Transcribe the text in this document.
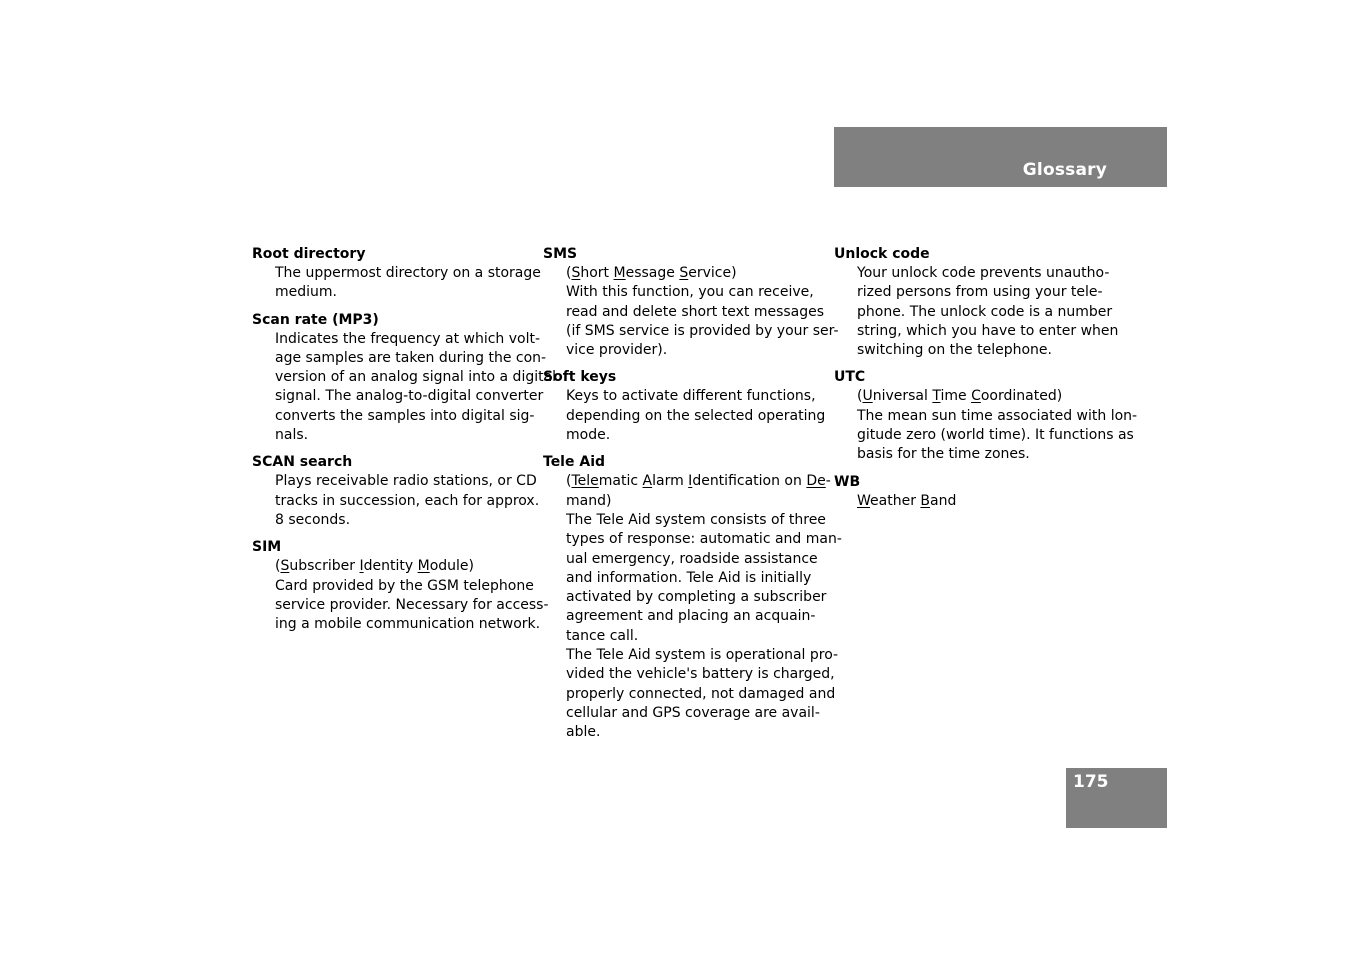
Glossary
Root directory
The uppermost directory on a storage
medium.
Scan rate (MP3)
Indicates the frequency at which volt-
age samples are taken during the con-
version of an analog signal into a digital
signal. The analog-to-digital converter
converts the samples into digital sig-
nals.
SCAN search
Plays receivable radio stations, or CD
tracks in succession, each for approx.
8 seconds.
SIM
(Subscriber Identity Module)
Card provided by the GSM telephone
service provider. Necessary for access-
ing a mobile communication network.
SMS
(Short Message Service)
With this function, you can receive,
read and delete short text messages
(if SMS service is provided by your ser-
vice provider).
Soft keys
Keys to activate different functions,
depending on the selected operating
mode.
Tele Aid
(Telematic Alarm Identification on De-
mand)
The Tele Aid system consists of three
types of response: automatic and man-
ual emergency, roadside assistance
and information. Tele Aid is initially
activated by completing a subscriber
agreement and placing an acquain-
tance call.
The Tele Aid system is operational pro-
vided the vehicle's battery is charged,
properly connected, not damaged and
cellular and GPS coverage are avail-
able.
Unlock code
Your unlock code prevents unautho-
rized persons from using your tele-
phone. The unlock code is a number
string, which you have to enter when
switching on the telephone.
UTC
(Universal Time Coordinated)
The mean sun time associated with lon-
gitude zero (world time). It functions as
basis for the time zones.
WB
Weather Band
175
